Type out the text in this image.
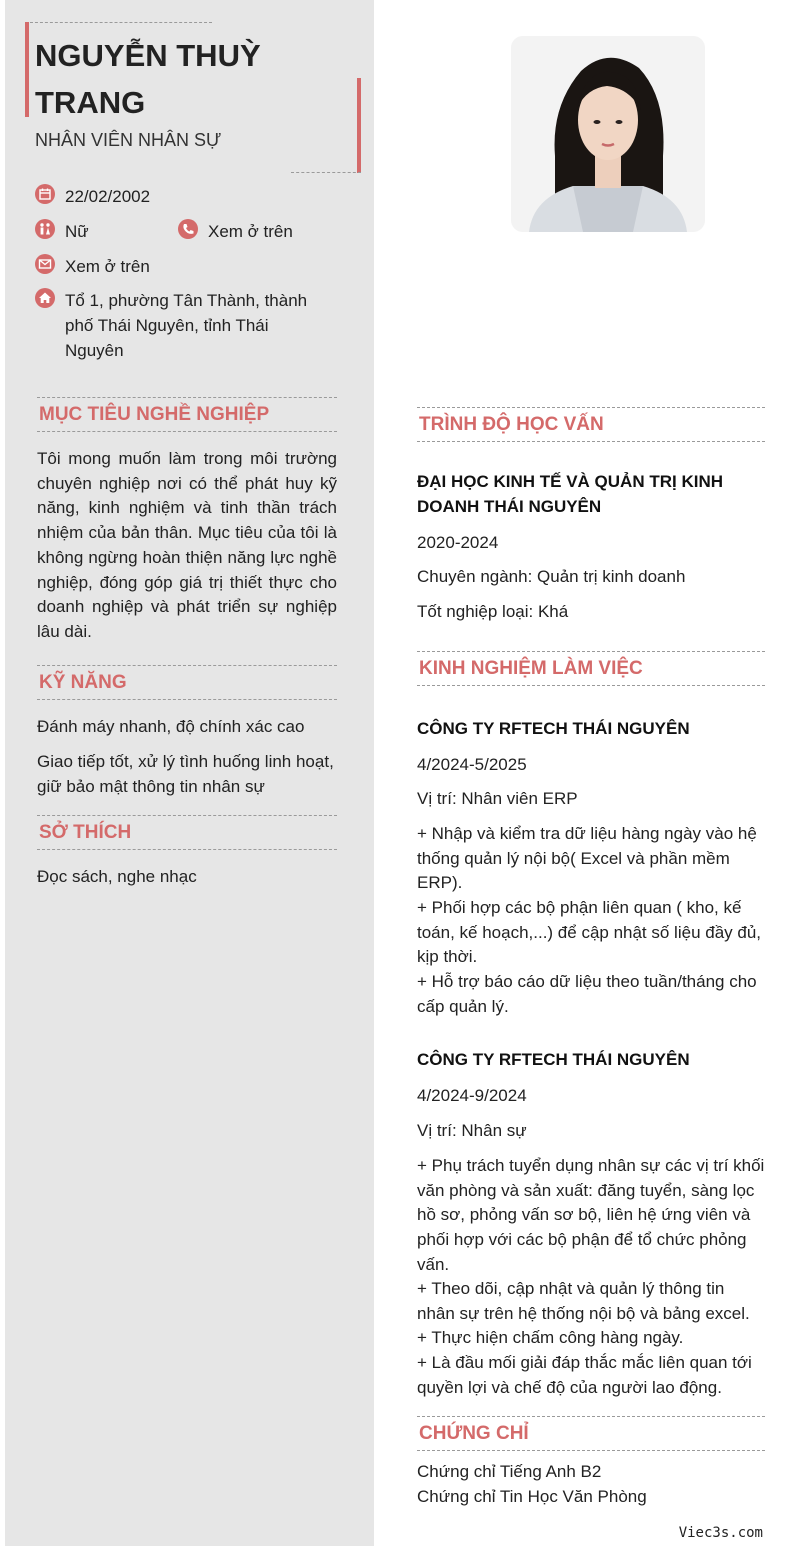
NGUYỄN THUỲ TRANG
NHÂN VIÊN NHÂN SỰ
22/02/2002
Nữ	Xem ở trên
Xem ở trên
Tổ 1, phường Tân Thành, thành phố Thái Nguyên, tỉnh Thái Nguyên
MỤC TIÊU NGHỀ NGHIỆP
Tôi mong muốn làm trong môi trường chuyên nghiệp nơi có thể phát huy kỹ năng, kinh nghiệm và tinh thần trách nhiệm của bản thân. Mục tiêu của tôi là không ngừng hoàn thiện năng lực nghề nghiệp, đóng góp giá trị thiết thực cho doanh nghiệp và phát triển sự nghiệp lâu dài.
KỸ NĂNG
Đánh máy nhanh, độ chính xác cao
Giao tiếp tốt, xử lý tình huống linh hoạt, giữ bảo mật thông tin nhân sự
SỞ THÍCH
Đọc sách, nghe nhạc
TRÌNH ĐỘ HỌC VẤN
ĐẠI HỌC KINH TẾ VÀ QUẢN TRỊ KINH DOANH THÁI NGUYÊN
2020-2024
Chuyên ngành: Quản trị kinh doanh
Tốt nghiệp loại: Khá
KINH NGHIỆM LÀM VIỆC
CÔNG TY RFTECH THÁI NGUYÊN
4/2024-5/2025
Vị trí: Nhân viên ERP
+ Nhập và kiểm tra dữ liệu hàng ngày vào hệ thống quản lý nội bộ( Excel và phần mềm ERP).
+ Phối hợp các bộ phận liên quan ( kho, kế toán, kế hoạch,...) để cập nhật số liệu đầy đủ, kịp thời.
+ Hỗ trợ báo cáo dữ liệu theo tuần/tháng cho cấp quản lý.
CÔNG TY RFTECH THÁI NGUYÊN
4/2024-9/2024
Vị trí: Nhân sự
+ Phụ trách tuyển dụng nhân sự các vị trí khối văn phòng và sản xuất: đăng tuyển, sàng lọc hồ sơ, phỏng vấn sơ bộ, liên hệ ứng viên và phối hợp với các bộ phận để tổ chức phỏng vấn.
+ Theo dõi, cập nhật và quản lý thông tin nhân sự trên hệ thống nội bộ và bảng excel.
+ Thực hiện chấm công hàng ngày.
+ Là đầu mối giải đáp thắc mắc liên quan tới quyền lợi và chế độ của người lao động.
CHỨNG CHỈ
Chứng chỉ Tiếng Anh B2
Chứng chỉ Tin Học Văn Phòng
Viec3s.com
